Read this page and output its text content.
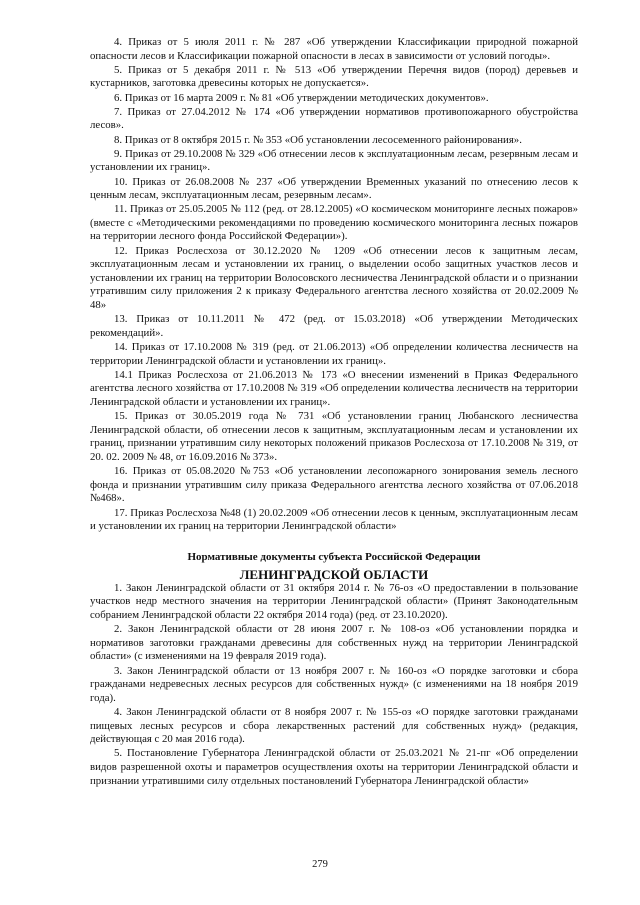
4. Приказ от 5 июля 2011 г. № 287 «Об утверждении Классификации природной пожарной опасности лесов и Классификации пожарной опасности в лесах в зависимости от условий погоды».

5. Приказ от 5 декабря 2011 г. № 513 «Об утверждении Перечня видов (пород) деревьев и кустарников, заготовка древесины которых не допускается».

6. Приказ от 16 марта 2009 г. № 81 «Об утверждении методических документов».

7. Приказ от 27.04.2012 № 174 «Об утверждении нормативов противопожарного обустройства лесов».

8. Приказ от 8 октября 2015 г. № 353 «Об установлении лесосеменного районирования».

9. Приказ от 29.10.2008 № 329 «Об отнесении лесов к эксплуатационным лесам, резервным лесам и установлении их границ».

10. Приказ от 26.08.2008 № 237 «Об утверждении Временных указаний по отнесению лесов к ценным лесам, эксплуатационным лесам, резервным лесам».

11. Приказ от 25.05.2005 № 112 (ред. от 28.12.2005) «О космическом мониторинге лесных пожаров» (вместе с «Методическими рекомендациями по проведению космического мониторинга лесных пожаров на территории лесного фонда Российской Федерации»).

12. Приказ Рослесхоза от 30.12.2020 № 1209 «Об отнесении лесов к защитным лесам, эксплуатационным лесам и установлении их границ, о выделении особо защитных участков лесов и установлении их границ на территории Волосовского лесничества Ленинградской области и о признании утратившим силу приложения 2 к приказу Федерального агентства лесного хозяйства от 20.02.2009 № 48»

13. Приказ от 10.11.2011 № 472 (ред. от 15.03.2018) «Об утверждении Методических рекомендаций».

14. Приказ от 17.10.2008 № 319 (ред. от 21.06.2013) «Об определении количества лесничеств на территории Ленинградской области и установлении их границ».

14.1 Приказ Рослесхоза от 21.06.2013 № 173 «О внесении изменений в Приказ Федерального агентства лесного хозяйства от 17.10.2008 № 319 «Об определении количества лесничеств на территории Ленинградской области и установлении их границ».

15. Приказ от 30.05.2019 года № 731 «Об установлении границ Любанского лесничества Ленинградской области, об отнесении лесов к защитным, эксплуатационным лесам и установлении их границ, признании утратившим силу некоторых положений приказов Рослесхоза от 17.10.2008 № 319, от 20. 02. 2009 № 48, от 16.09.2016 № 373».

16. Приказ от 05.08.2020 №753 «Об установлении лесопожарного зонирования земель лесного фонда и признании утратившим силу приказа Федерального агентства лесного хозяйства от 07.06.2018 №468».

17. Приказ Рослесхоза №48 (1) 20.02.2009 «Об отнесении лесов к ценным, эксплуатационным лесам и установлении их границ на территории Ленинградской области»

Нормативные документы субъекта Российской Федерации

ЛЕНИНГРАДСКОЙ ОБЛАСТИ

1. Закон Ленинградской области от 31 октября 2014 г. № 76-оз «О предоставлении в пользование участков недр местного значения на территории Ленинградской области» (Принят Законодательным собранием Ленинградской области 22 октября 2014 года) (ред. от 23.10.2020).

2. Закон Ленинградской области от 28 июня 2007 г. № 108-оз «Об установлении порядка и нормативов заготовки гражданами древесины для собственных нужд на территории Ленинградской области» (с изменениями на 19 февраля 2019 года).

3. Закон Ленинградской области от 13 ноября 2007 г. № 160-оз «О порядке заготовки и сбора гражданами недревесных лесных ресурсов для собственных нужд» (с изменениями на 18 ноября 2019 года).

4. Закон Ленинградской области от 8 ноября 2007 г. № 155-оз «О порядке заготовки гражданами пищевых лесных ресурсов и сбора лекарственных растений для собственных нужд» (редакция, действующая с 20 мая 2016 года).

5. Постановление Губернатора Ленинградской области от 25.03.2021 № 21-пг «Об определении видов разрешенной охоты и параметров осуществления охоты на территории Ленинградской области и признании утратившими силу отдельных постановлений Губернатора Ленинградской области»

279
